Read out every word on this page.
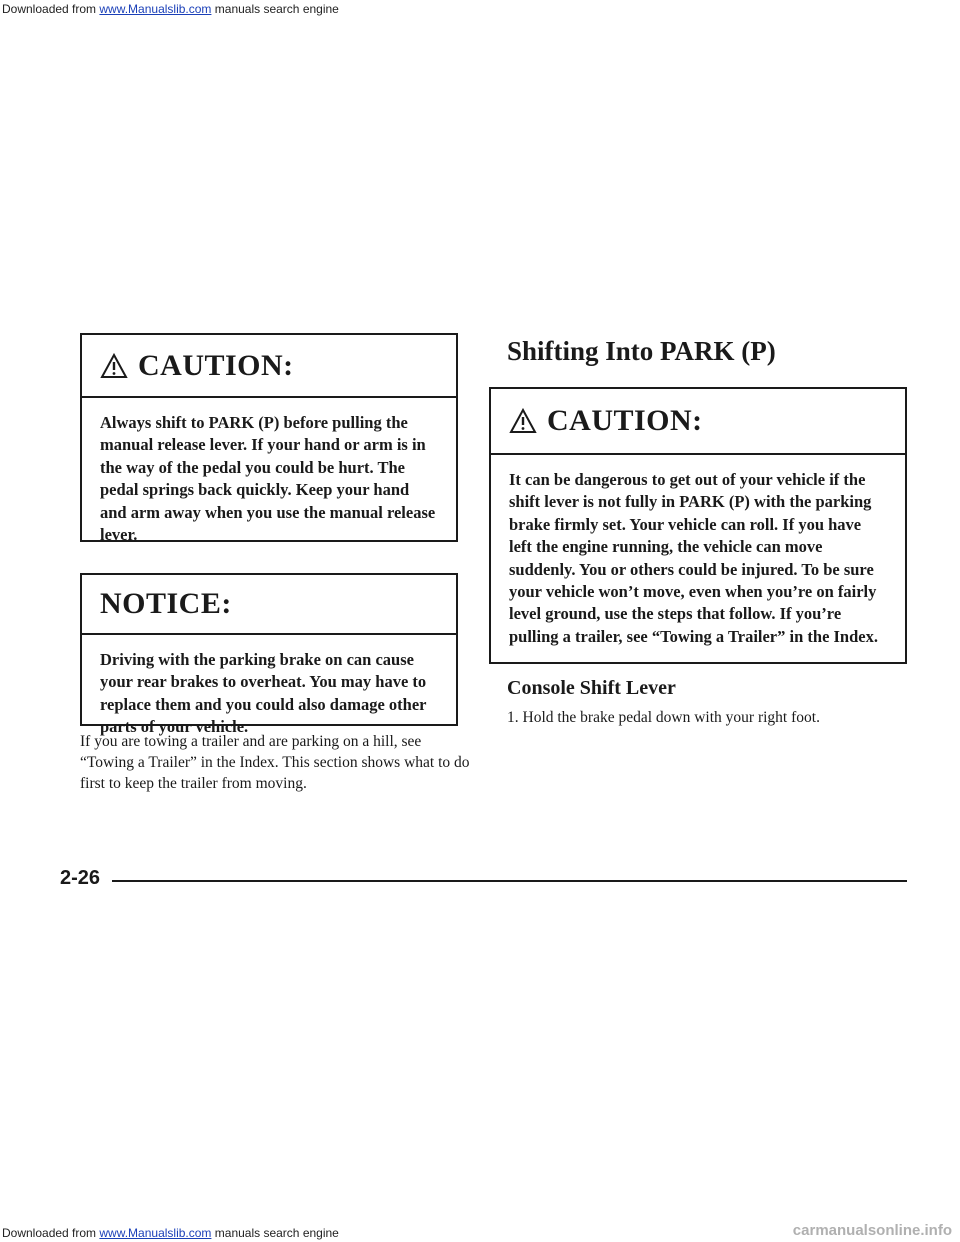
Downloaded from www.Manualslib.com manuals search engine
CAUTION:
Always shift to PARK (P) before pulling the manual release lever. If your hand or arm is in the way of the pedal you could be hurt. The pedal springs back quickly. Keep your hand and arm away when you use the manual release lever.
NOTICE:
Driving with the parking brake on can cause your rear brakes to overheat. You may have to replace them and you could also damage other parts of your vehicle.

If you are towing a trailer and are parking on a hill, see “Towing a Trailer” in the Index. This section shows what to do first to keep the trailer from moving.

Shifting Into PARK (P)
CAUTION:
It can be dangerous to get out of your vehicle if the shift lever is not fully in PARK (P) with the parking brake firmly set. Your vehicle can roll. If you have left the engine running, the vehicle can move suddenly. You or others could be injured. To be sure your vehicle won’t move, even when you’re on fairly level ground, use the steps that follow. If you’re pulling a trailer, see “Towing a Trailer” in the Index.
Console Shift Lever

1. Hold the brake pedal down with your right foot.

2-26
Downloaded from www.Manualslib.com manuals search engine	carmanualsonline.info
